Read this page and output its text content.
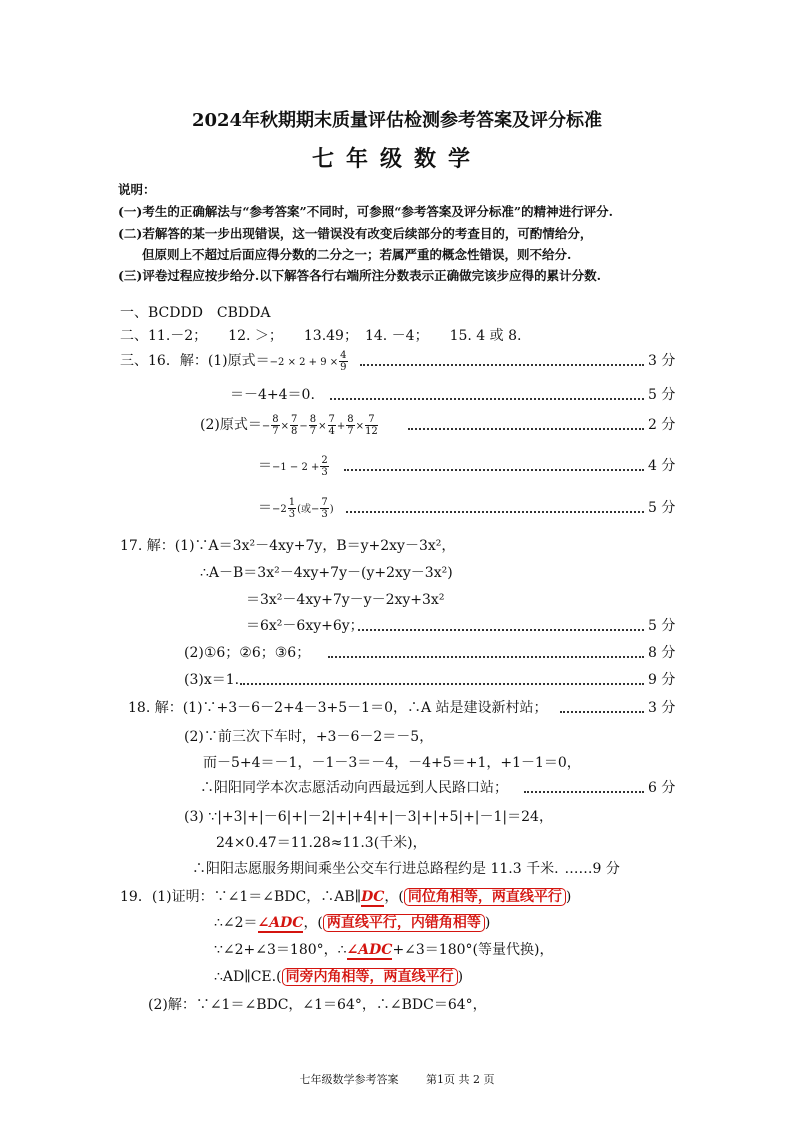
2024年秋期期末质量评估检测参考答案及评分标准
七年级数学
说明：
(一)考生的正确解法与“参考答案”不同时，可参照“参考答案及评分标准”的精神进行评分.
(二)若解答的某一步出现错误，这一错误没有改变后续部分的考查目的，可酌情给分，
但原则上不超过后面应得分数的二分之一；若属严重的概念性错误，则不给分.
(三)评卷过程应按步给分.以下解答各行右端所注分数表示正确做完该步应得的累计分数.
一、BCDDD　CBDDA
二、11.－2；　　12. ＞；　　13.49；　14. －4；　　15. 4 或 8.
三、16．解：(1)原式$=-2 \times 2 + 9 \times \frac{4}{9}$	3 分
＝－4+4＝0.	5 分
(2)原式＝− $\frac{8}{7} \times \frac{7}{8} - \frac{8}{7} \times \frac{7}{4} + \frac{8}{7} \times \frac{7}{12}$	2 分
$=-1 - 2 + \frac{2}{3}$	4 分
$=-2 \frac{1}{3}$ (或− $\frac{7}{3}$ )	5 分
17. 解：(1)∵A＝3x²－4xy+7y，B＝y+2xy－3x²，
∴A－B＝3x²－4xy+7y－(y+2xy－3x²)
＝3x²－4xy+7y－y－2xy+3x²
＝6x²－6xy+6y；	5 分
(2)①6；②6；③6；	8 分
(3)x＝1.	9 分
18. 解：(1)∵+3－6－2+4－3+5－1＝0，∴A 站是建设新村站；	3 分
(2)∵前三次下车时，+3－6－2＝－5，
而－5+4＝－1，－1－3＝－4，－4+5＝+1，+1－1＝0，
∴阳阳同学本次志愿活动向西最远到人民路口站；	6 分
(3) ∵|+3|+|－6|+|－2|+|+4|+|－3|+|+5|+|－1|＝24，
24×0.47＝11.28≈11.3(千米)，
∴阳阳志愿服务期间乘坐公交车行进总路程约是 11.3 千米. ……9 分
19．(1)证明：∵∠1＝∠BDC，∴AB∥DC，( 同位角相等，两直线平行 )
∴∠2＝∠ADC，( 两直线平行，内错角相等 )
∵∠2+∠3＝180°，∴∠ADC+∠3＝180°(等量代换)，
∴AD∥CE.( 同旁内角相等，两直线平行 )
(2)解：∵∠1＝∠BDC，∠1＝64°，∴∠BDC＝64°，
七年级数学参考答案	第1页 共 2 页
